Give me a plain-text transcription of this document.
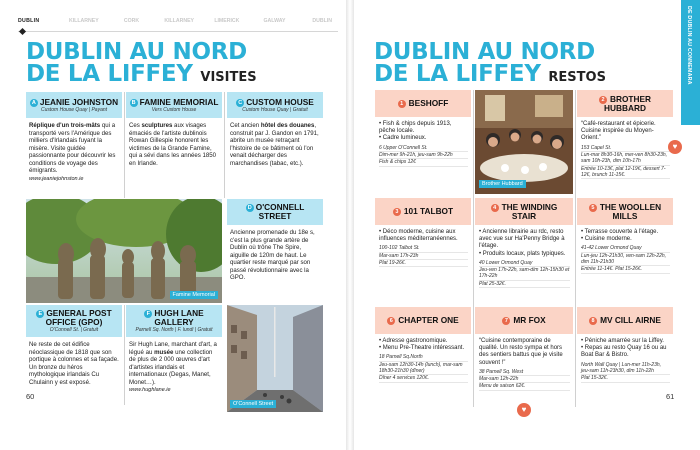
DUBLIN	KILLARNEY	CORK	KILLARNEY	LIMERICK	GALWAY	DUBLIN
DUBLIN AU NORD
DE LA LIFFEY VISITES
A JEANIE JOHNSTON
Custom House Quay | Payant
Réplique d'un trois-mâts qui a transporté vers l'Amérique des milliers d'Irlandais fuyant la misère. Visite guidée passionnante pour découvrir les conditions de voyage des émigrants.
www.jeaniejohnston.ie
B FAMINE MEMORIAL
Vers Custom House
Ces sculptures aux visages émaciés de l'artiste dublinois Rowan Gillespie honorent les victimes de la Grande Famine, qui a sévi dans les années 1850 en Irlande.
C CUSTOM HOUSE
Custom House Quay | Gratuit
Cet ancien hôtel des douanes, construit par J. Gandon en 1791, abrite un musée retraçant l'histoire de ce bâtiment où l'on venait décharger des marchandises (tabac, etc.).
Famine Memorial
D O'CONNELL STREET
Ancienne promenade du 18e s, c'est la plus grande artère de Dublin où trône The Spire, aiguille de 120m de haut. Le quartier reste marqué par son passé révolutionnaire avec la GPO.
E GENERAL POST OFFICE (GPO)
O'Connell St. | Gratuit
Ne reste de cet édifice néoclassique de 1818 que son portique à colonnes et sa façade. Un bronze du héros mythologique irlandais Cu Chulainn y est exposé.
F HUGH LANE GALLERY
Parnell Sq. North | F. lundi | Gratuit
Sir Hugh Lane, marchant d'art, a légué au musée une collection de plus de 2 000 œuvres d'art d'artistes irlandais et internationaux (Degas, Manet, Monet…).
www.hughlane.ie
O'Connell Street
60
DE DUBLIN AU CONNEMARA
DUBLIN AU NORD
DE LA LIFFEY RESTOS
1 BESHOFF
• Fish & chips depuis 1913, pêche locale.
• Cadre lumineux.
6 Upper O'Connell St.
Dim-mer 9h-21h, jeu-sam 9h-22h
Fish & chips 12€
Brother Hubbard
2 BROTHER HUBBARD
“Café-restaurant et épicerie. Cuisine inspirée du Moyen-Orient.”
153 Capel St.
Lun-mar 8h30-16h, mer-ven 8h30-23h, sam 10h-23h, dim 10h-17h
Entrée 10-13€, plat 12-19€, dessert 7-12€, brunch 11-15€.
♥
3 101 TALBOT
• Déco moderne, cuisine aux influences méditerranéennes.
100-102 Talbot St.
Mar-sam 17h-23h
Plat 19-26€.
4 THE WINDING STAIR
• Ancienne librairie au rdc, resto avec vue sur Ha'Penny Bridge à l'étage.
• Produits locaux, plats typiques.
40 Lower Ormond Quay
Jeu-ven 17h-22h, sam-dim 12h-15h30 et 17h-22h
Plat 25-32€.
5 THE WOOLLEN MILLS
• Terrasse couverte à l'étage.
• Cuisine moderne.
41-42 Lower Ormond Quay
Lun-jeu 12h-21h30, ven-sam 12h-22h, dim 11h-21h30
Entrée 11-14€. Plat 15-26€.
6 CHAPTER ONE
• Adresse gastronomique.
• Menu Pre-Theatre intéressant.
18 Parnell Sq.North
Jeu-sam 12h30-14h (lunch), mar-sam 18h30-21h30 (dîner)
Dîner 4 services 120€.
7 MR FOX
“Cuisine contemporaine de qualité. Un resto sympa et hors des sentiers battus que je visite souvent !”
38 Parnell Sq. West
Mar-sam 12h-22h
Menu de saison 62€.
♥
8 MV CILL AIRNE
• Péniche amarrée sur la Liffey.
• Repas au resto Quay 16 ou au Boat Bar & Bistro.
North Wall Quay | Lun-mer 11h-23h, jeu-sam 11h-23h30, dim 11h-22h
Plat 15-32€.
61
